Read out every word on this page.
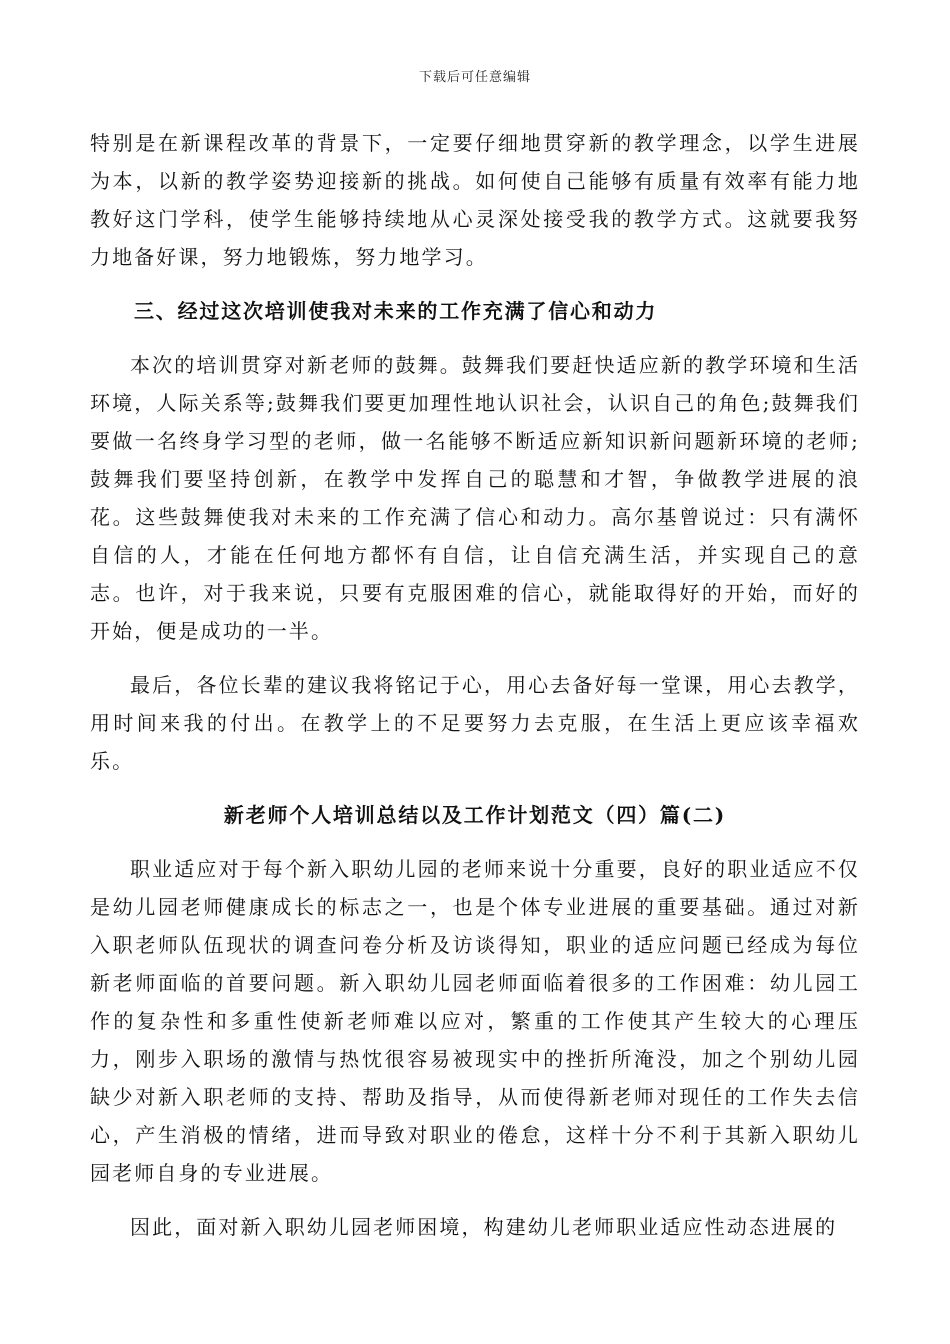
下载后可任意编辑

特别是在新课程改革的背景下，一定要仔细地贯穿新的教学理念，以学生进展为本，以新的教学姿势迎接新的挑战。如何使自己能够有质量有效率有能力地教好这门学科，使学生能够持续地从心灵深处接受我的教学方式。这就要我努力地备好课，努力地锻炼，努力地学习。

三、经过这次培训使我对未来的工作充满了信心和动力

本次的培训贯穿对新老师的鼓舞。鼓舞我们要赶快适应新的教学环境和生活环境，人际关系等;鼓舞我们要更加理性地认识社会，认识自己的角色;鼓舞我们要做一名终身学习型的老师，做一名能够不断适应新知识新问题新环境的老师;鼓舞我们要坚持创新，在教学中发挥自己的聪慧和才智，争做教学进展的浪花。这些鼓舞使我对未来的工作充满了信心和动力。高尔基曾说过：只有满怀自信的人，才能在任何地方都怀有自信，让自信充满生活，并实现自己的意志。也许，对于我来说，只要有克服困难的信心，就能取得好的开始，而好的开始，便是成功的一半。

最后，各位长辈的建议我将铭记于心，用心去备好每一堂课，用心去教学，用时间来我的付出。在教学上的不足要努力去克服，在生活上更应该幸福欢乐。

新老师个人培训总结以及工作计划范文（四）篇(二)

职业适应对于每个新入职幼儿园的老师来说十分重要，良好的职业适应不仅是幼儿园老师健康成长的标志之一，也是个体专业进展的重要基础。通过对新入职老师队伍现状的调查问卷分析及访谈得知，职业的适应问题已经成为每位新老师面临的首要问题。新入职幼儿园老师面临着很多的工作困难：幼儿园工作的复杂性和多重性使新老师难以应对，繁重的工作使其产生较大的心理压力，刚步入职场的激情与热忱很容易被现实中的挫折所淹没，加之个别幼儿园缺少对新入职老师的支持、帮助及指导，从而使得新老师对现任的工作失去信心，产生消极的情绪，进而导致对职业的倦怠，这样十分不利于其新入职幼儿园老师自身的专业进展。

因此，面对新入职幼儿园老师困境，构建幼儿老师职业适应性动态进展的
